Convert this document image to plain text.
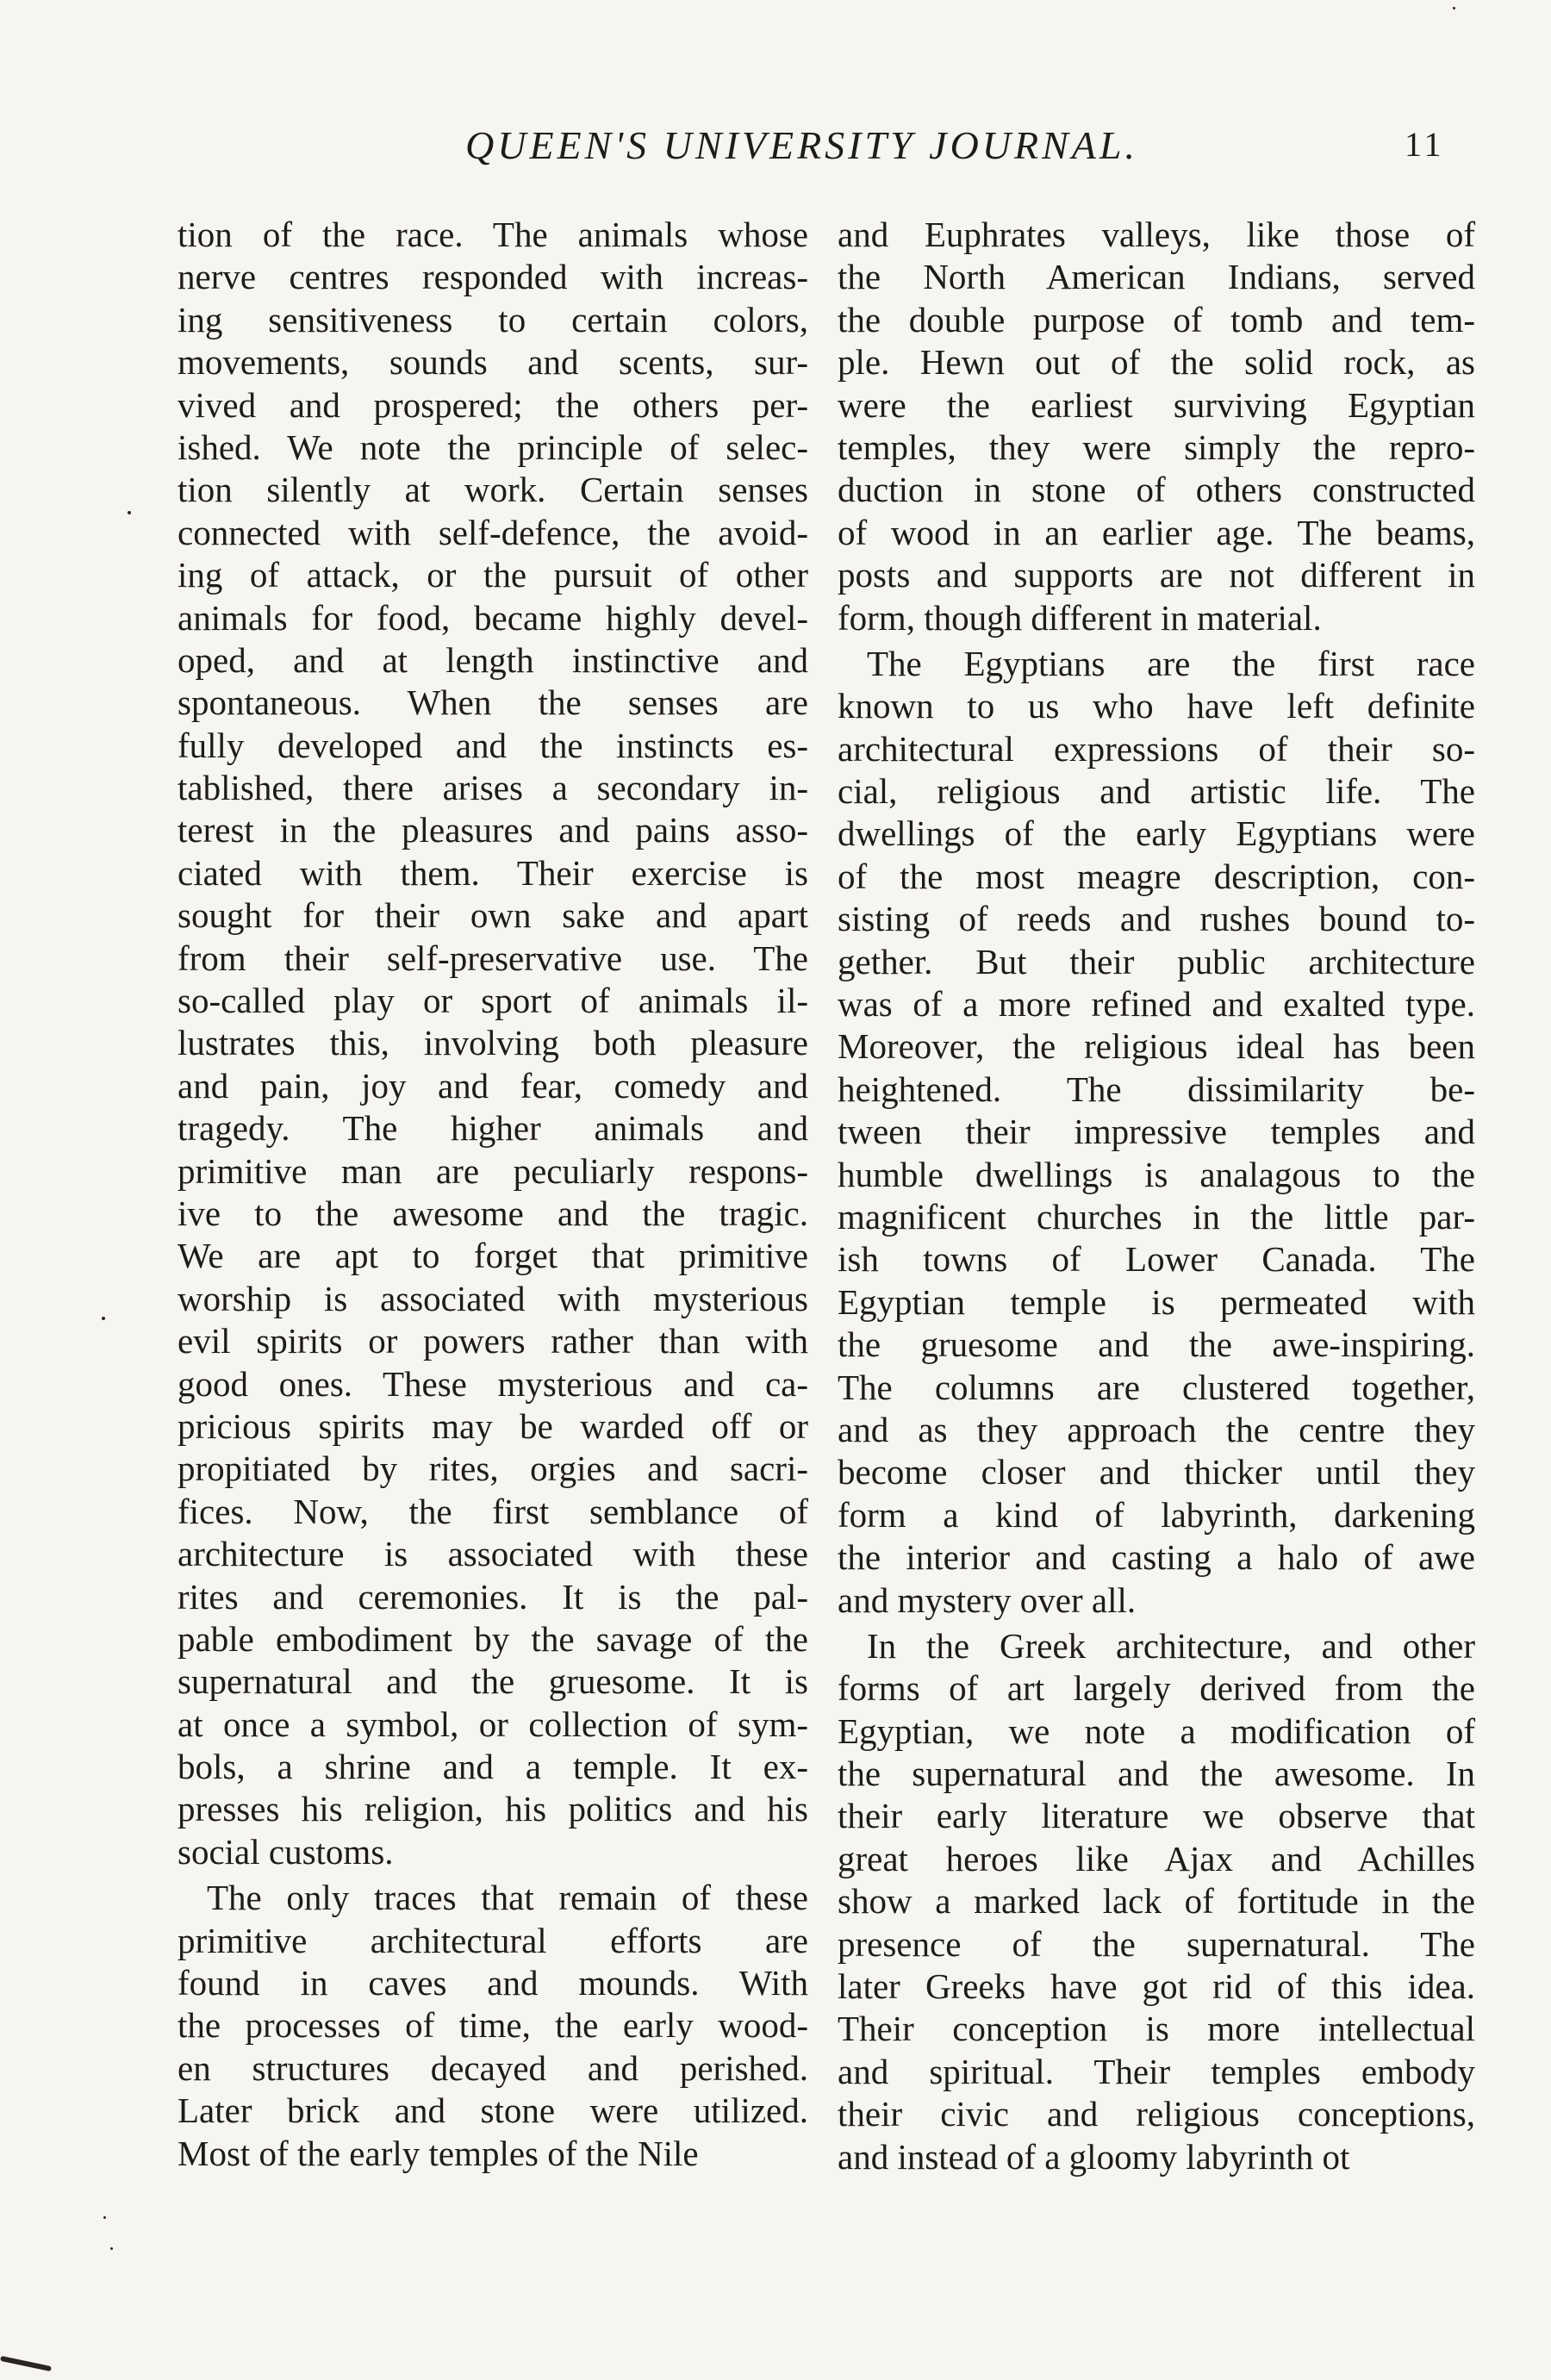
QUEEN'S UNIVERSITY JOURNAL.	11
tion of the race. The animals whose
nerve centres responded with increas-
ing sensitiveness to certain colors,
movements, sounds and scents, sur-
vived and prospered; the others per-
ished. We note the principle of selec-
tion silently at work. Certain senses
connected with self-defence, the avoid-
ing of attack, or the pursuit of other
animals for food, became highly devel-
oped, and at length instinctive and
spontaneous. When the senses are
fully developed and the instincts es-
tablished, there arises a secondary in-
terest in the pleasures and pains asso-
ciated with them. Their exercise is
sought for their own sake and apart
from their self-preservative use. The
so-called play or sport of animals il-
lustrates this, involving both pleasure
and pain, joy and fear, comedy and
tragedy. The higher animals and
primitive man are peculiarly respons-
ive to the awesome and the tragic.
We are apt to forget that primitive
worship is associated with mysterious
evil spirits or powers rather than with
good ones. These mysterious and ca-
pricious spirits may be warded off or
propitiated by rites, orgies and sacri-
fices. Now, the first semblance of
architecture is associated with these
rites and ceremonies. It is the pal-
pable embodiment by the savage of the
supernatural and the gruesome. It is
at once a symbol, or collection of sym-
bols, a shrine and a temple. It ex-
presses his religion, his politics and his
social customs.
The only traces that remain of these
primitive architectural efforts are
found in caves and mounds. With
the processes of time, the early wood-
en structures decayed and perished.
Later brick and stone were utilized.
Most of the early temples of the Nile
and Euphrates valleys, like those of
the North American Indians, served
the double purpose of tomb and tem-
ple. Hewn out of the solid rock, as
were the earliest surviving Egyptian
temples, they were simply the repro-
duction in stone of others constructed
of wood in an earlier age. The beams,
posts and supports are not different in
form, though different in material.
The Egyptians are the first race
known to us who have left definite
architectural expressions of their so-
cial, religious and artistic life. The
dwellings of the early Egyptians were
of the most meagre description, con-
sisting of reeds and rushes bound to-
gether. But their public architecture
was of a more refined and exalted type.
Moreover, the religious ideal has been
heightened. The dissimilarity be-
tween their impressive temples and
humble dwellings is analagous to the
magnificent churches in the little par-
ish towns of Lower Canada. The
Egyptian temple is permeated with
the gruesome and the awe-inspiring.
The columns are clustered together,
and as they approach the centre they
become closer and thicker until they
form a kind of labyrinth, darkening
the interior and casting a halo of awe
and mystery over all.
In the Greek architecture, and other
forms of art largely derived from the
Egyptian, we note a modification of
the supernatural and the awesome. In
their early literature we observe that
great heroes like Ajax and Achilles
show a marked lack of fortitude in the
presence of the supernatural. The
later Greeks have got rid of this idea.
Their conception is more intellectual
and spiritual. Their temples embody
their civic and religious conceptions,
and instead of a gloomy labyrinth ot
